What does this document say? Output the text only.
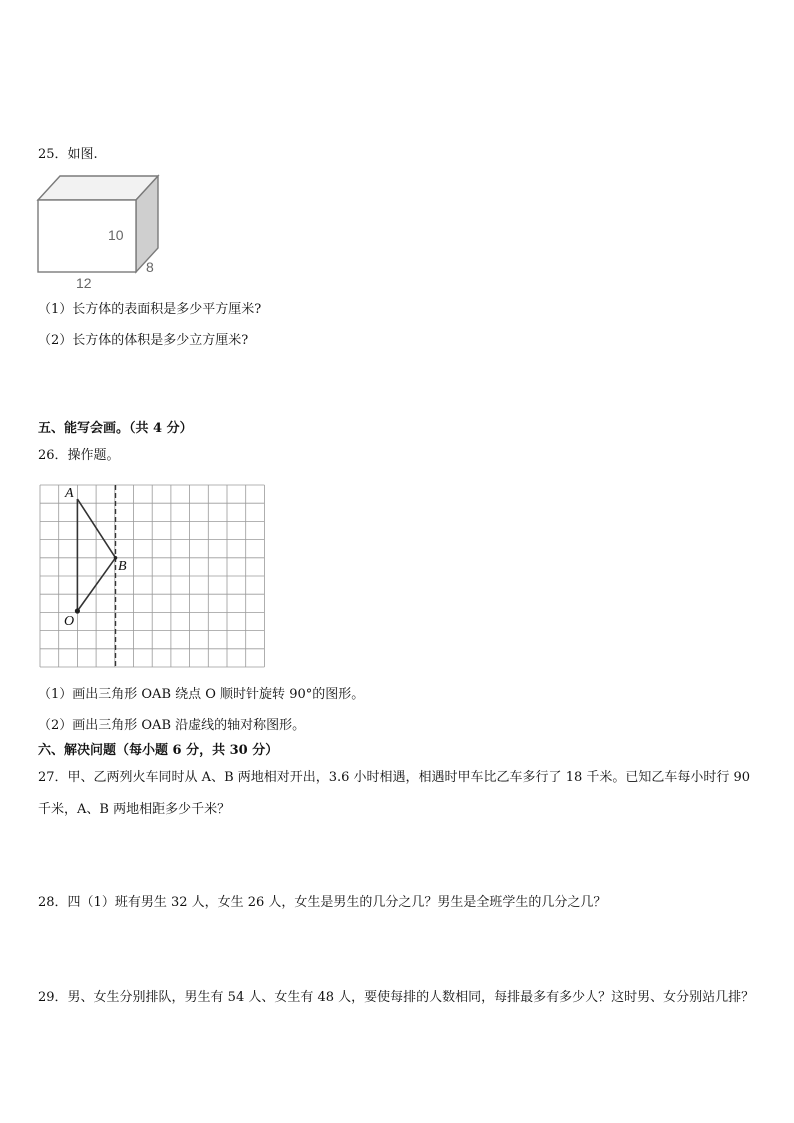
25．如图.
10
12
8
（1）长方体的表面积是多少平方厘米?
（2）长方体的体积是多少立方厘米?
五、能写会画。（共 4 分）
26．操作题。
A
B
O
（1）画出三角形 OAB 绕点 O 顺时针旋转 90°的图形。
（2）画出三角形 OAB 沿虚线的轴对称图形。
六、解决问题（每小题 6 分，共 30 分）
27．甲、乙两列火车同时从 A、B 两地相对开出，3.6 小时相遇，相遇时甲车比乙车多行了 18 千米。已知乙车每小时行 90 千米，A、B 两地相距多少千米？
28．四（1）班有男生 32 人，女生 26 人，女生是男生的几分之几？男生是全班学生的几分之几？
29．男、女生分别排队，男生有 54 人、女生有 48 人，要使每排的人数相同，每排最多有多少人？这时男、女分别站几排？
